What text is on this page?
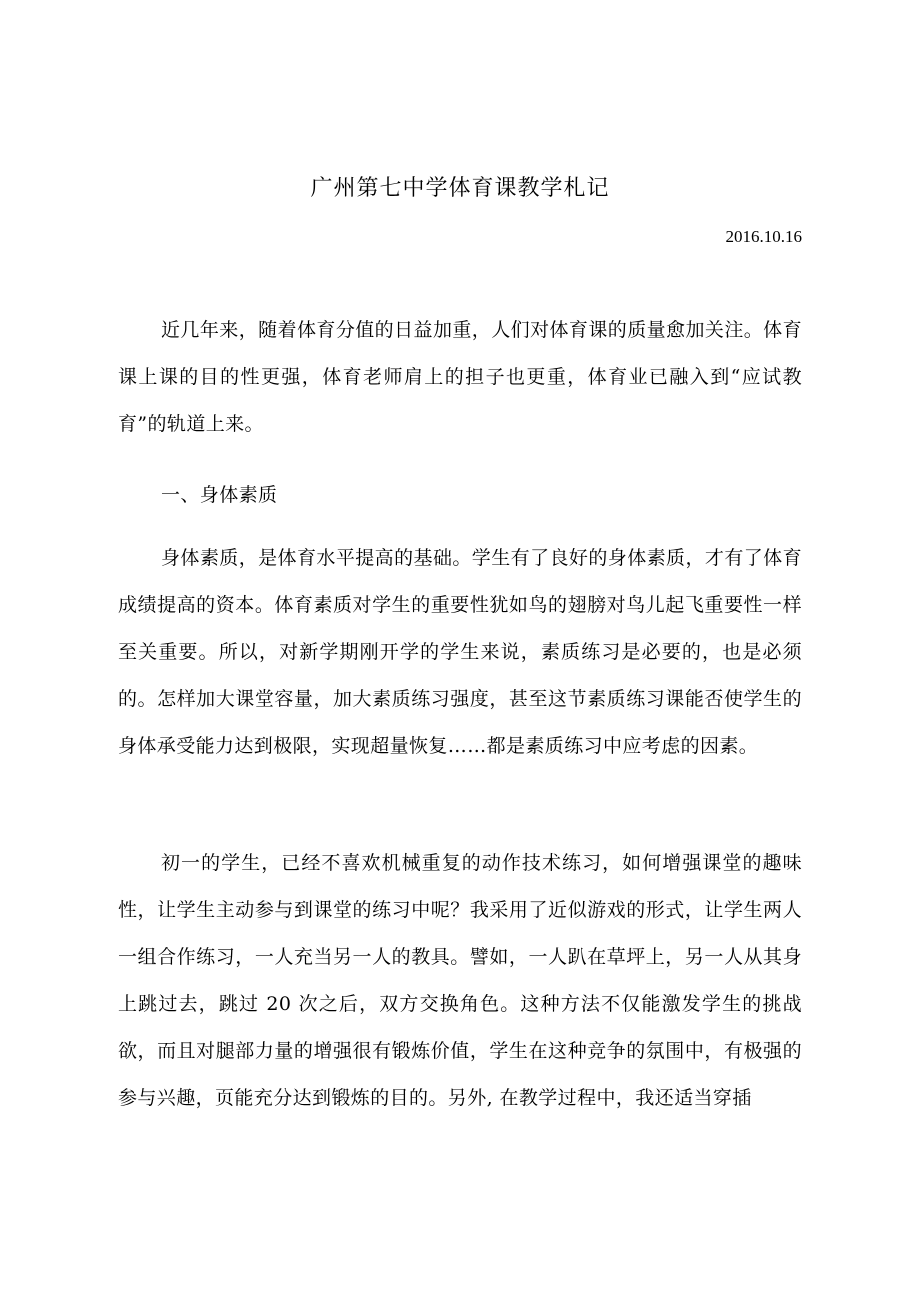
广州第七中学体育课教学札记
2016.10.16

近几年来，随着体育分值的日益加重，人们对体育课的质量愈加关注。体育课上课的目的性更强，体育老师肩上的担子也更重，体育业已融入到“应试教育”的轨道上来。

一、身体素质

身体素质，是体育水平提高的基础。学生有了良好的身体素质，才有了体育成绩提高的资本。体育素质对学生的重要性犹如鸟的翅膀对鸟儿起飞重要性一样至关重要。所以，对新学期刚开学的学生来说，素质练习是必要的，也是必须的。怎样加大课堂容量，加大素质练习强度，甚至这节素质练习课能否使学生的身体承受能力达到极限，实现超量恢复……都是素质练习中应考虑的因素。

初一的学生，已经不喜欢机械重复的动作技术练习，如何增强课堂的趣味性，让学生主动参与到课堂的练习中呢？我采用了近似游戏的形式，让学生两人一组合作练习，一人充当另一人的教具。譬如，一人趴在草坪上，另一人从其身上跳过去，跳过 20 次之后，双方交换角色。这种方法不仅能激发学生的挑战欲，而且对腿部力量的增强很有锻炼价值，学生在这种竞争的氛围中，有极强的参与兴趣，页能充分达到锻炼的目的。另外, 在教学过程中，我还适当穿插
